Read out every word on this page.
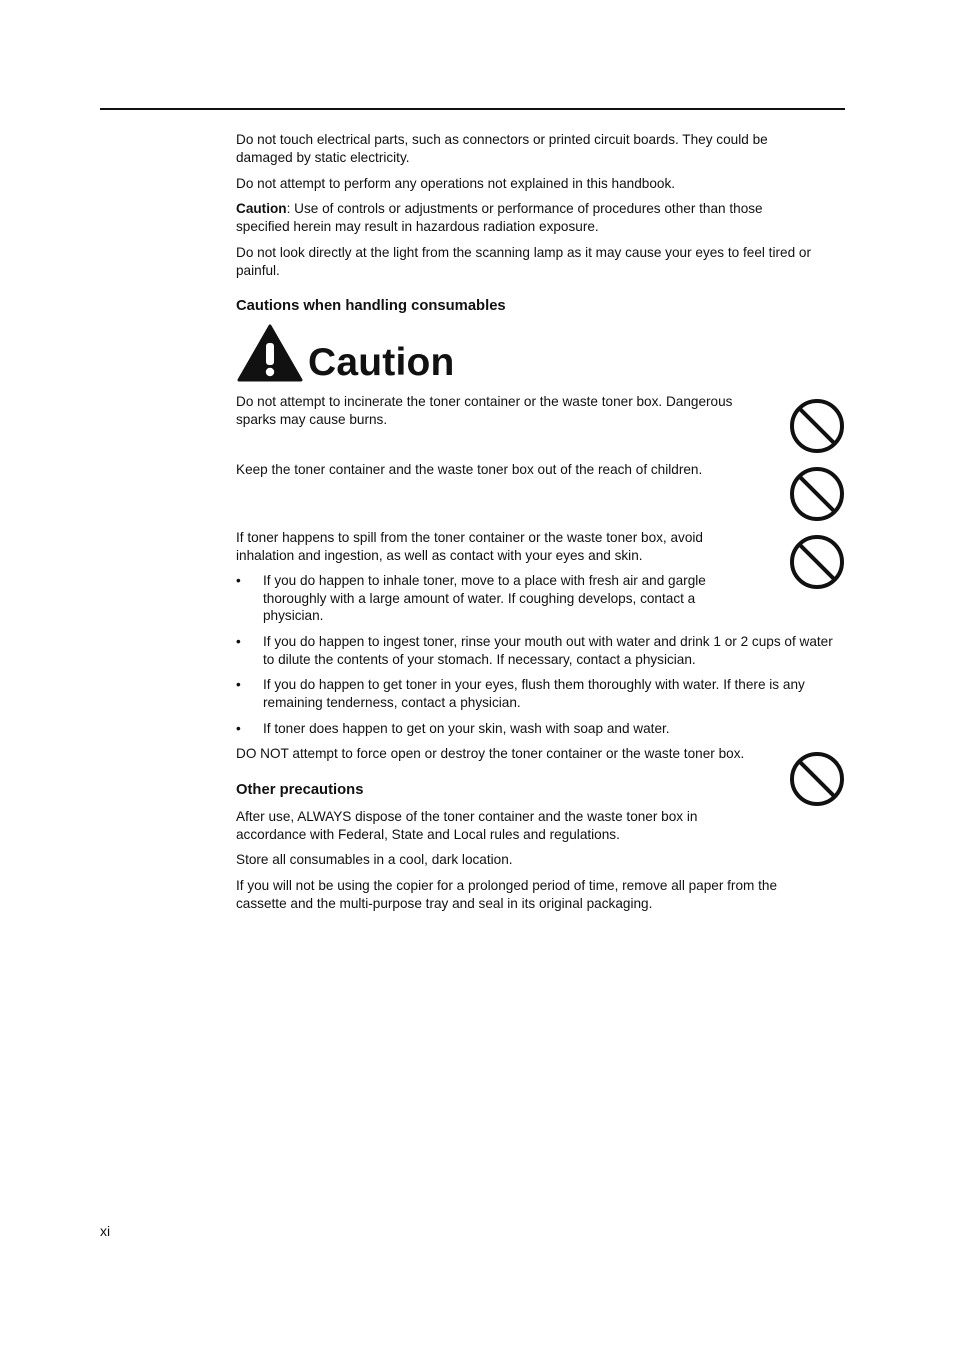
Do not touch electrical parts, such as connectors or printed circuit boards. They could be damaged by static electricity.

Do not attempt to perform any operations not explained in this handbook.

Caution: Use of controls or adjustments or performance of procedures other than those specified herein may result in hazardous radiation exposure.

Do not look directly at the light from the scanning lamp as it may cause your eyes to feel tired or painful.

Cautions when handling consumables
Caution

Do not attempt to incinerate the toner container or the waste toner box. Dangerous sparks may cause burns.

Keep the toner container and the waste toner box out of the reach of children.

If toner happens to spill from the toner container or the waste toner box, avoid inhalation and ingestion, as well as contact with your eyes and skin.

• If you do happen to inhale toner, move to a place with fresh air and gargle thoroughly with a large amount of water. If coughing develops, contact a physician.
• If you do happen to ingest toner, rinse your mouth out with water and drink 1 or 2 cups of water to dilute the contents of your stomach. If necessary, contact a physician.
• If you do happen to get toner in your eyes, flush them thoroughly with water. If there is any remaining tenderness, contact a physician.
• If toner does happen to get on your skin, wash with soap and water.

DO NOT attempt to force open or destroy the toner container or the waste toner box.

Other precautions

After use, ALWAYS dispose of the toner container and the waste toner box in accordance with Federal, State and Local rules and regulations.

Store all consumables in a cool, dark location.

If you will not be using the copier for a prolonged period of time, remove all paper from the cassette and the multi-purpose tray and seal in its original packaging.

xi
